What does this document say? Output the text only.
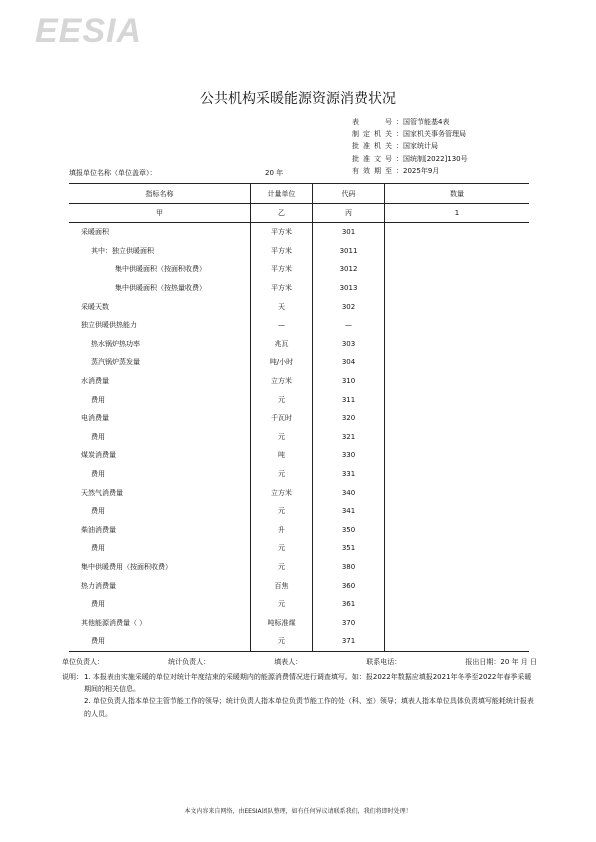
EESIA
公共机构采暖能源资源消费状况
表号 ： 国管节能基4表
制定机关 ： 国家机关事务管理局
批准机关 ： 国家统计局
批准文号 ： 国统制[2022]130号
有效期至 ： 2025年9月
填报单位名称（单位盖章）：	20 年
指标名称	计量单位	代码	数量
甲	乙	丙	1
采暖面积	平方米	301	
其中：独立供暖面积	平方米	3011	
集中供暖面积（按面积收费）	平方米	3012	
集中供暖面积（按热量收费）	平方米	3013	
采暖天数	天	302	
独立供暖供热能力	—	—	
热水锅炉热功率	兆瓦	303	
蒸汽锅炉蒸发量	吨/小时	304	
水消费量	立方米	310	
费用	元	311	
电消费量	千瓦时	320	
费用	元	321	
煤炭消费量	吨	330	
费用	元	331	
天然气消费量	立方米	340	
费用	元	341	
柴油消费量	升	350	
费用	元	351	
集中供暖费用（按面积收费）	元	380	
热力消费量	百焦	360	
费用	元	361	
其他能源消费量（ ）	吨标准煤	370	
费用	元	371	
单位负责人：	统计负责人：	填表人：	联系电话：	报出日期：20 年 月 日
说明： 1. 本报表由实施采暖的单位对统计年度结束的采暖期内的能源消费情况进行调查填写。如：报2022年数据应填报2021年冬季至2022年春季采暖期间的相关信息。
2. 单位负责人指本单位主管节能工作的领导；统计负责人指本单位负责节能工作的处（科、室）领导；填表人指本单位具体负责填写能耗统计报表的人员。
本文内容来自网络，由EESIA团队整理，如有任何异议请联系我们，我们将即时处理！
